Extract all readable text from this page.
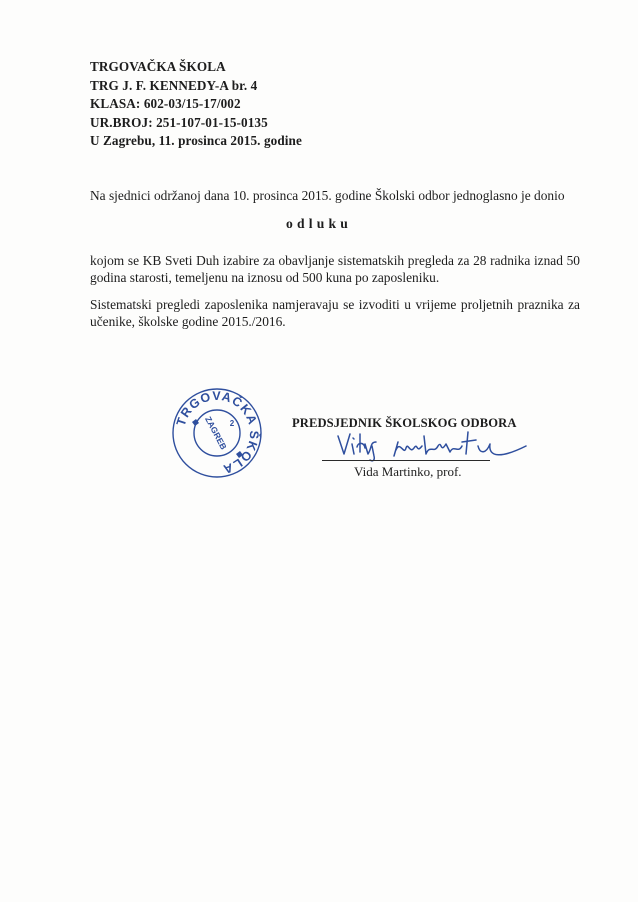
TRGOVAČKA ŠKOLA
TRG J. F. KENNEDY-A br. 4
KLASA: 602-03/15-17/002
UR.BROJ: 251-107-01-15-0135
U Zagrebu, 11. prosinca 2015. godine
Na sjednici održanoj dana 10. prosinca 2015. godine Školski odbor jednoglasno je donio
odluku
kojom se KB Sveti Duh izabire za obavljanje sistematskih pregleda za 28 radnika iznad 50 godina starosti, temeljenu na iznosu od 500 kuna po zaposleniku.
Sistematski pregledi zaposlenika namjeravaju se izvoditi u vrijeme proljetnih praznika za učenike, školske godine 2015./2016.
TRGOVAČKA ŠKOLA
ZAGREB 2	PREDSJEDNIK ŠKOLSKOG ODBORA
Vida Martinko, prof.
